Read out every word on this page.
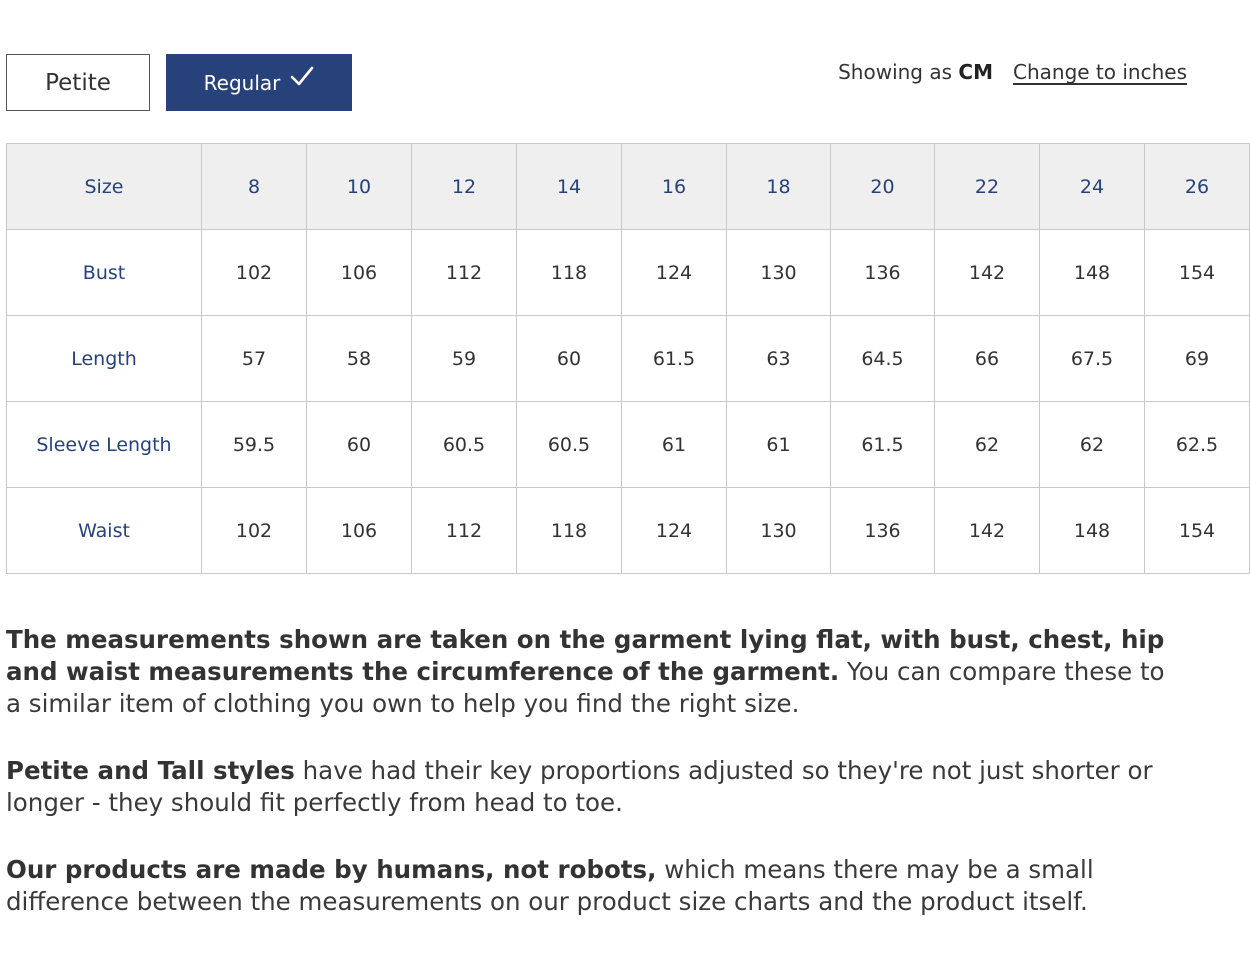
Petite	Regular	Showing as CM Change to inches
Size	8	10	12	14	16	18	20	22	24	26
Bust	102	106	112	118	124	130	136	142	148	154
Length	57	58	59	60	61.5	63	64.5	66	67.5	69
Sleeve Length	59.5	60	60.5	60.5	61	61	61.5	62	62	62.5
Waist	102	106	112	118	124	130	136	142	148	154

The measurements shown are taken on the garment lying flat, with bust, chest, hip and waist measurements the circumference of the garment. You can compare these to a similar item of clothing you own to help you find the right size.

Petite and Tall styles have had their key proportions adjusted so they're not just shorter or longer - they should fit perfectly from head to toe.

Our products are made by humans, not robots, which means there may be a small difference between the measurements on our product size charts and the product itself.
